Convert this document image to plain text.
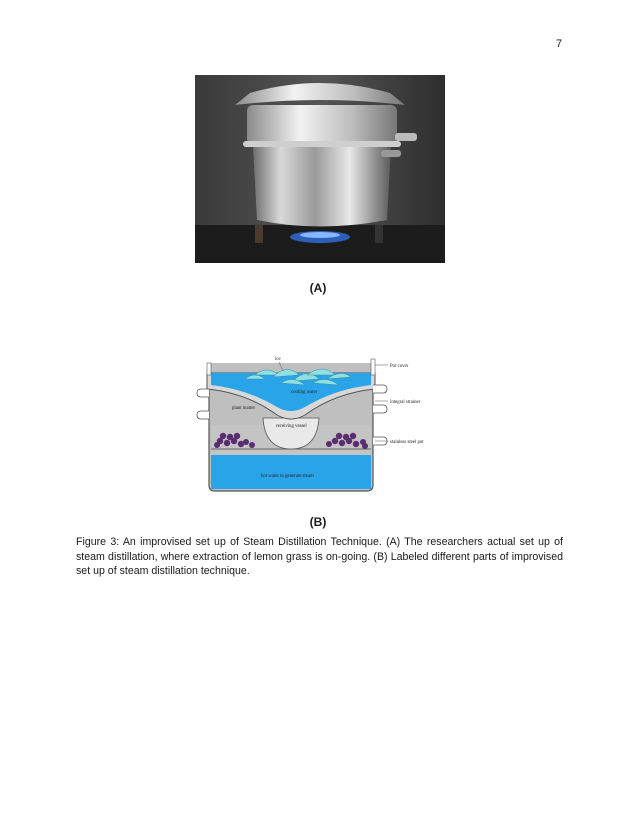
7
(A)
ice
cooling water
plant matter
receiving vessel
hot water to generate steam
Pot cover
integral strainer
stainless steel pot
(B)
Figure 3: An improvised set up of Steam Distillation Technique. (A) The researchers actual set up of steam distillation, where extraction of lemon grass is on-going. (B) Labeled different parts of improvised set up of steam distillation technique.
